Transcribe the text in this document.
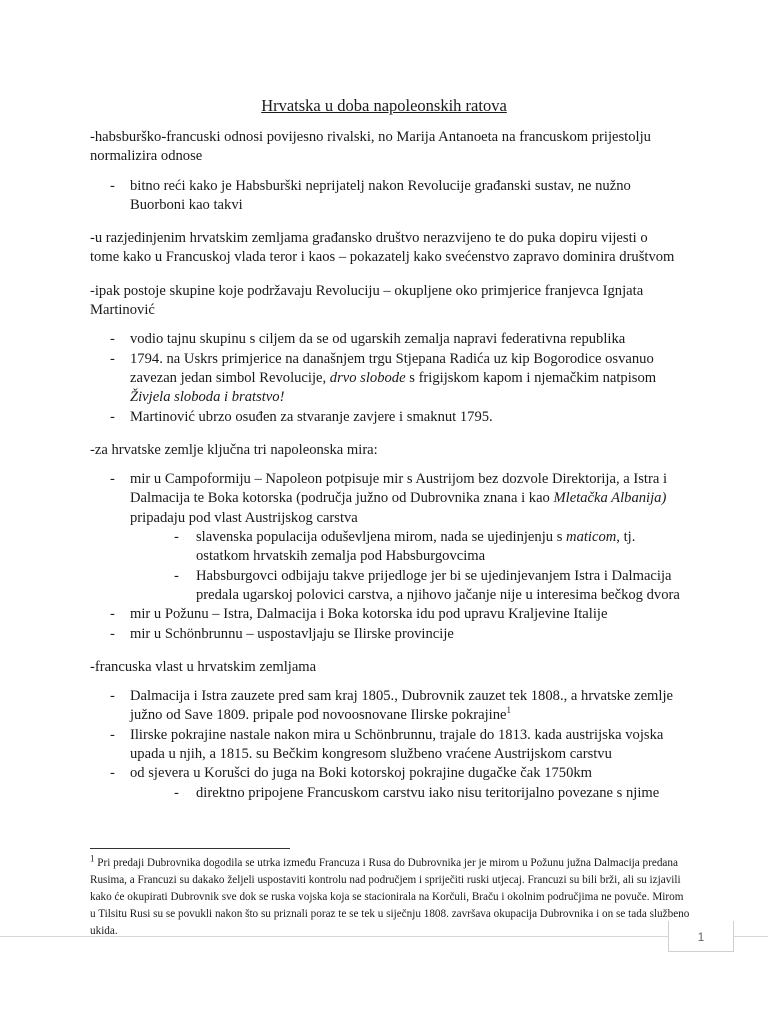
Hrvatska u doba napoleonskih ratova

-habsburško-francuski odnosi povijesno rivalski, no Marija Antanoeta na francuskom prijestolju normalizira odnose

- bitno reći kako je Habsburški neprijatelj nakon Revolucije građanski sustav, ne nužno Buorboni kao takvi

-u razjedinjenim hrvatskim zemljama građansko društvo nerazvijeno te do puka dopiru vijesti o tome kako u Francuskoj vlada teror i kaos – pokazatelj kako svećenstvo zapravo dominira društvom

-ipak postoje skupine koje podržavaju Revoluciju – okupljene oko primjerice franjevca Ignjata Martinović

- vodio tajnu skupinu s ciljem da se od ugarskih zemalja napravi federativna republika
- 1794. na Uskrs primjerice na današnjem trgu Stjepana Radića uz kip Bogorodice osvanuo zavezan jedan simbol Revolucije, drvo slobode s frigijskom kapom i njemačkim natpisom Živjela sloboda i bratstvo!
- Martinović ubrzo osuđen za stvaranje zavjere i smaknut 1795.

-za hrvatske zemlje ključna tri napoleonska mira:

- mir u Campoformiju – Napoleon potpisuje mir s Austrijom bez dozvole Direktorija, a Istra i Dalmacija te Boka kotorska (područja južno od Dubrovnika znana i kao Mletačka Albanija) pripadaju pod vlast Austrijskog carstva
- slavenska populacija oduševljena mirom, nada se ujedinjenju s maticom, tj. ostatkom hrvatskih zemalja pod Habsburgovcima
- Habsburgovci odbijaju takve prijedloge jer bi se ujedinjevanjem Istra i Dalmacija predala ugarskoj polovici carstva, a njihovo jačanje nije u interesima bečkog dvora
- mir u Požunu – Istra, Dalmacija i Boka kotorska idu pod upravu Kraljevine Italije
- mir u Schönbrunnu – uspostavljaju se Ilirske provincije

-francuska vlast u hrvatskim zemljama

- Dalmacija i Istra zauzete pred sam kraj 1805., Dubrovnik zauzet tek 1808., a hrvatske zemlje južno od Save 1809. pripale pod novoosnovane Ilirske pokrajine$^1$
- Ilirske pokrajine nastale nakon mira u Schönbrunnu, trajale do 1813. kada austrijska vojska upada u njih, a 1815. su Bečkim kongresom službeno vraćene Austrijskom carstvu
- od sjevera u Korušci do juga na Boki kotorskoj pokrajine dugačke čak 1750km
- direktno pripojene Francuskom carstvu iako nisu teritorijalno povezane s njime
$^1$ Pri predaji Dubrovnika dogodila se utrka između Francuza i Rusa do Dubrovnika jer je mirom u Požunu južna Dalmacija predana Rusima, a Francuzi su dakako željeli uspostaviti kontrolu nad područjem i spriječiti ruski utjecaj. Francuzi su bili brži, ali su izjavili kako će okupirati Dubrovnik sve dok se ruska vojska koja se stacionirala na Korčuli, Braču i okolnim područjima ne povuče. Mirom u Tilsitu Rusi su se povukli nakon što su priznali poraz te se tek u siječnju 1808. završava okupacija Dubrovnika i on se tada službeno ukida.	1
